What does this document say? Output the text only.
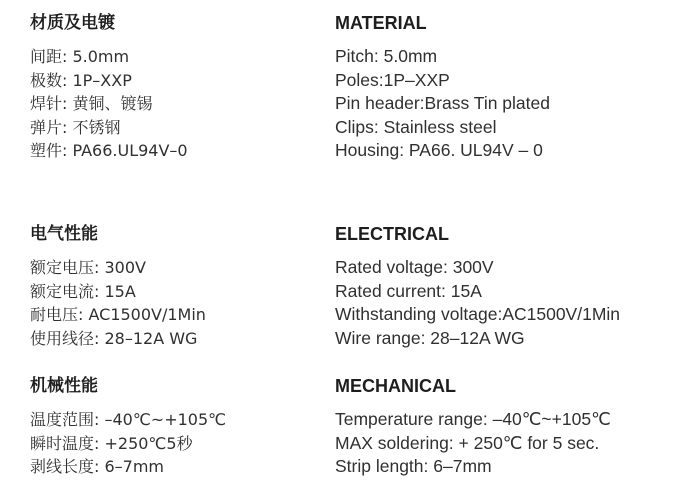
材质及电镀
间距: 5.0mm
极数: 1P–XXP
焊针: 黄铜、镀锡
弹片: 不锈钢
塑件: PA66.UL94V–0
MATERIAL
Pitch: 5.0mm
Poles:1P–XXP
Pin header:Brass Tin plated
Clips: Stainless steel
Housing: PA66. UL94V – 0
电气性能
额定电压: 300V
额定电流: 15A
耐电压: AC1500V/1Min
使用线径: 28–12A WG
ELECTRICAL
Rated voltage: 300V
Rated current: 15A
Withstanding voltage:AC1500V/1Min
Wire range: 28–12A WG
机械性能
温度范围: –40℃~+105℃
瞬时温度: +250℃5秒
剥线长度: 6–7mm
MECHANICAL
Temperature range: –40℃~+105℃
MAX soldering: + 250℃ for 5 sec.
Strip length: 6–7mm
